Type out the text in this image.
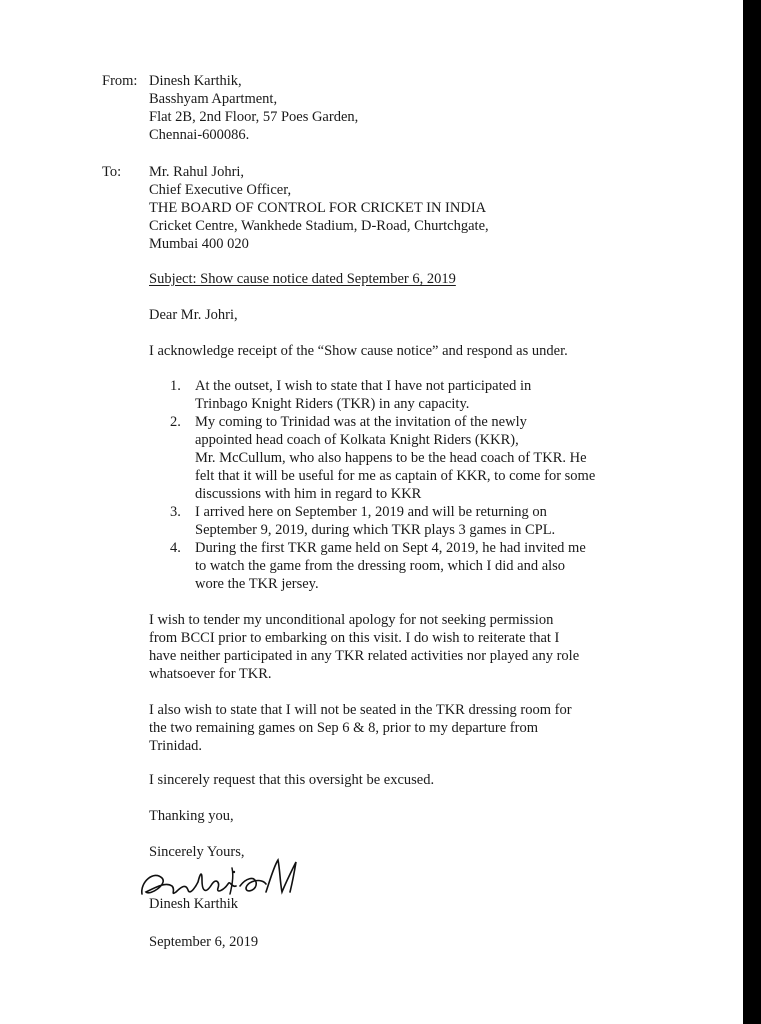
From: Dinesh Karthik,
Basshyam Apartment,
Flat 2B, 2nd Floor, 57 Poes Garden,
Chennai-600086.
To: Mr. Rahul Johri,
Chief Executive Officer,
THE BOARD OF CONTROL FOR CRICKET IN INDIA
Cricket Centre, Wankhede Stadium, D-Road, Churtchgate,
Mumbai 400 020
Subject: Show cause notice dated September 6, 2019
Dear Mr. Johri,
I acknowledge receipt of the “Show cause notice” and respond as under.
1. At the outset, I wish to state that I have not participated in
Trinbago Knight Riders (TKR) in any capacity.
2. My coming to Trinidad was at the invitation of the newly
appointed head coach of Kolkata Knight Riders (KKR),
Mr. McCullum, who also happens to be the head coach of TKR. He
felt that it will be useful for me as captain of KKR, to come for some
discussions with him in regard to KKR
3. I arrived here on September 1, 2019 and will be returning on
September 9, 2019, during which TKR plays 3 games in CPL.
4. During the first TKR game held on Sept 4, 2019, he had invited me
to watch the game from the dressing room, which I did and also
wore the TKR jersey.
I wish to tender my unconditional apology for not seeking permission
from BCCI prior to embarking on this visit. I do wish to reiterate that I
have neither participated in any TKR related activities nor played any role
whatsoever for TKR.
I also wish to state that I will not be seated in the TKR dressing room for
the two remaining games on Sep 6 & 8, prior to my departure from
Trinidad.
I sincerely request that this oversight be excused.
Thanking you,
Sincerely Yours,
Dinesh Karthik
September 6, 2019
